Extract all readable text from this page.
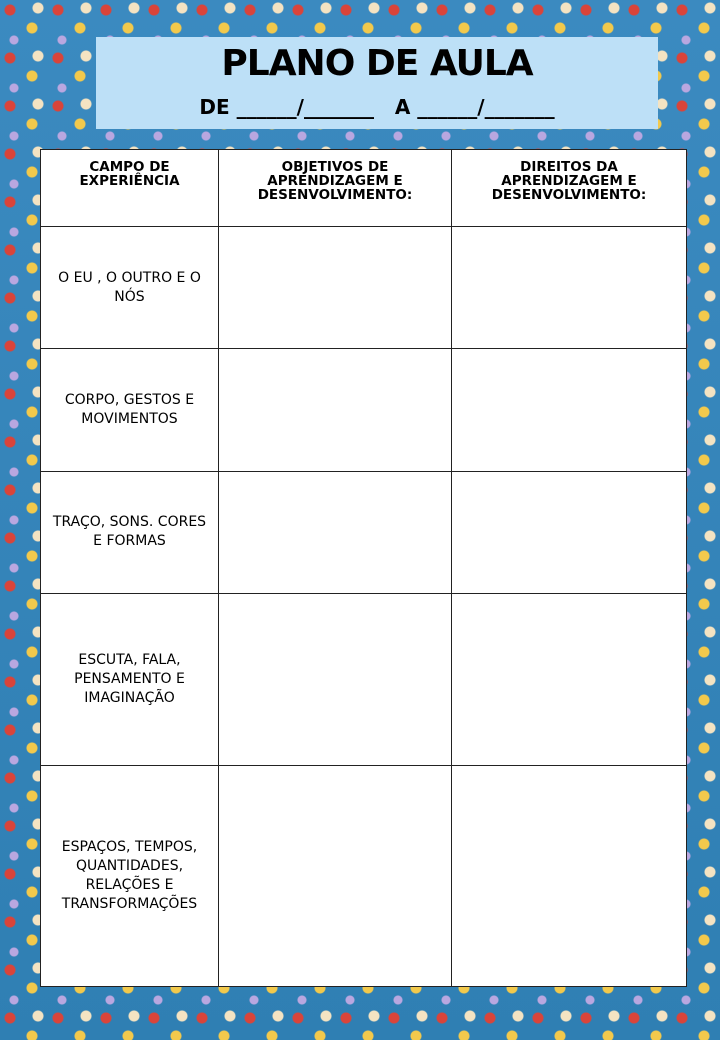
PLANO DE AULA
DE ______/_______   A ______/_______
CAMPO DE EXPERIÊNCIA	OBJETIVOS DE APRENDIZAGEM E DESENVOLVIMENTO:	DIREITOS DA APRENDIZAGEM E DESENVOLVIMENTO:
O EU , O OUTRO E O NÓS		
CORPO, GESTOS E MOVIMENTOS		
TRAÇO, SONS. CORES E FORMAS		
ESCUTA, FALA, PENSAMENTO E IMAGINAÇÃO		
ESPAÇOS, TEMPOS, QUANTIDADES, RELAÇÕES E TRANSFORMAÇÕES		
